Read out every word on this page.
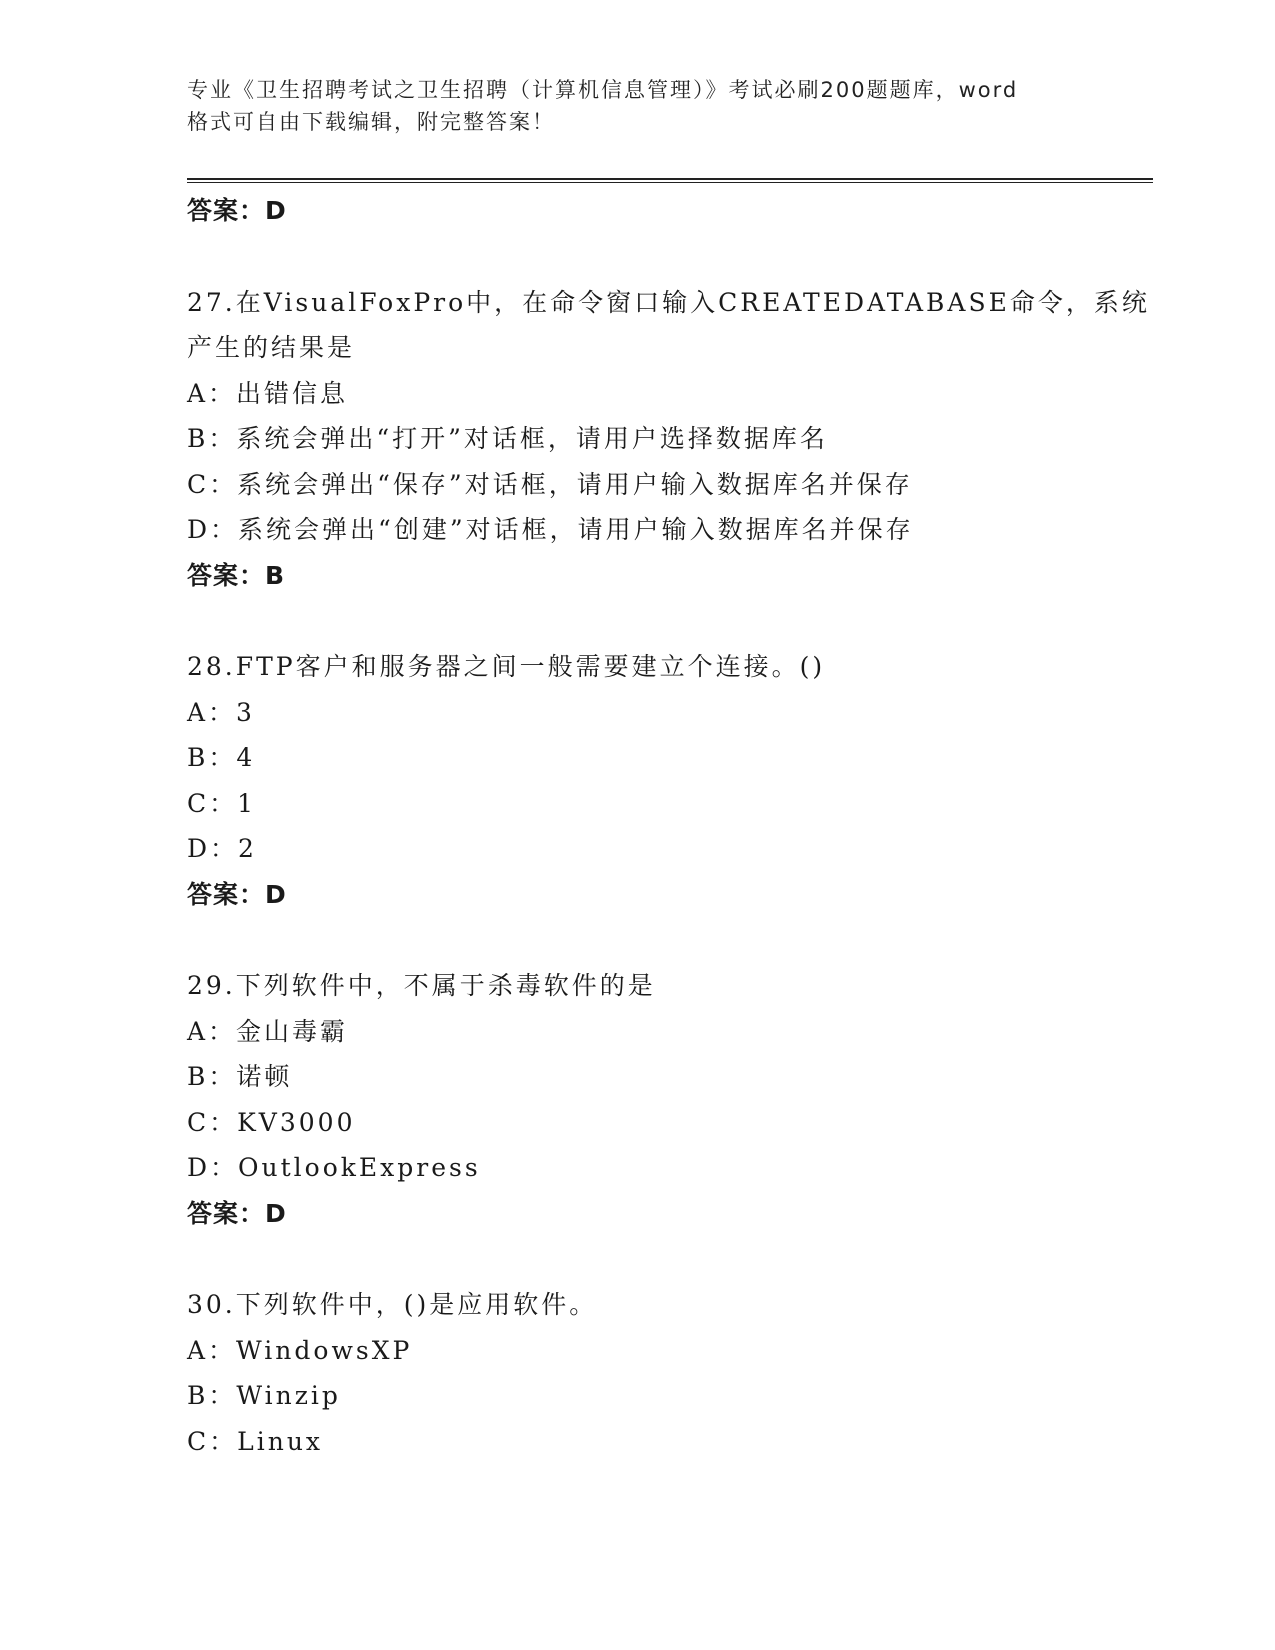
专业《卫生招聘考试之卫生招聘（计算机信息管理）》考试必刷200题题库，word
格式可自由下载编辑，附完整答案！
答案：D
27.在VisualFoxPro中，在命令窗口输入CREATEDATABASE命令，系统
产生的结果是
A：出错信息
B：系统会弹出“打开”对话框，请用户选择数据库名
C：系统会弹出“保存”对话框，请用户输入数据库名并保存
D：系统会弹出“创建”对话框，请用户输入数据库名并保存
答案：B
28.FTP客户和服务器之间一般需要建立个连接。()
A：3
B：4
C：1
D：2
答案：D
29.下列软件中，不属于杀毒软件的是
A：金山毒霸
B：诺顿
C：KV3000
D：OutlookExpress
答案：D
30.下列软件中，()是应用软件。
A：WindowsXP
B：Winzip
C：Linux
